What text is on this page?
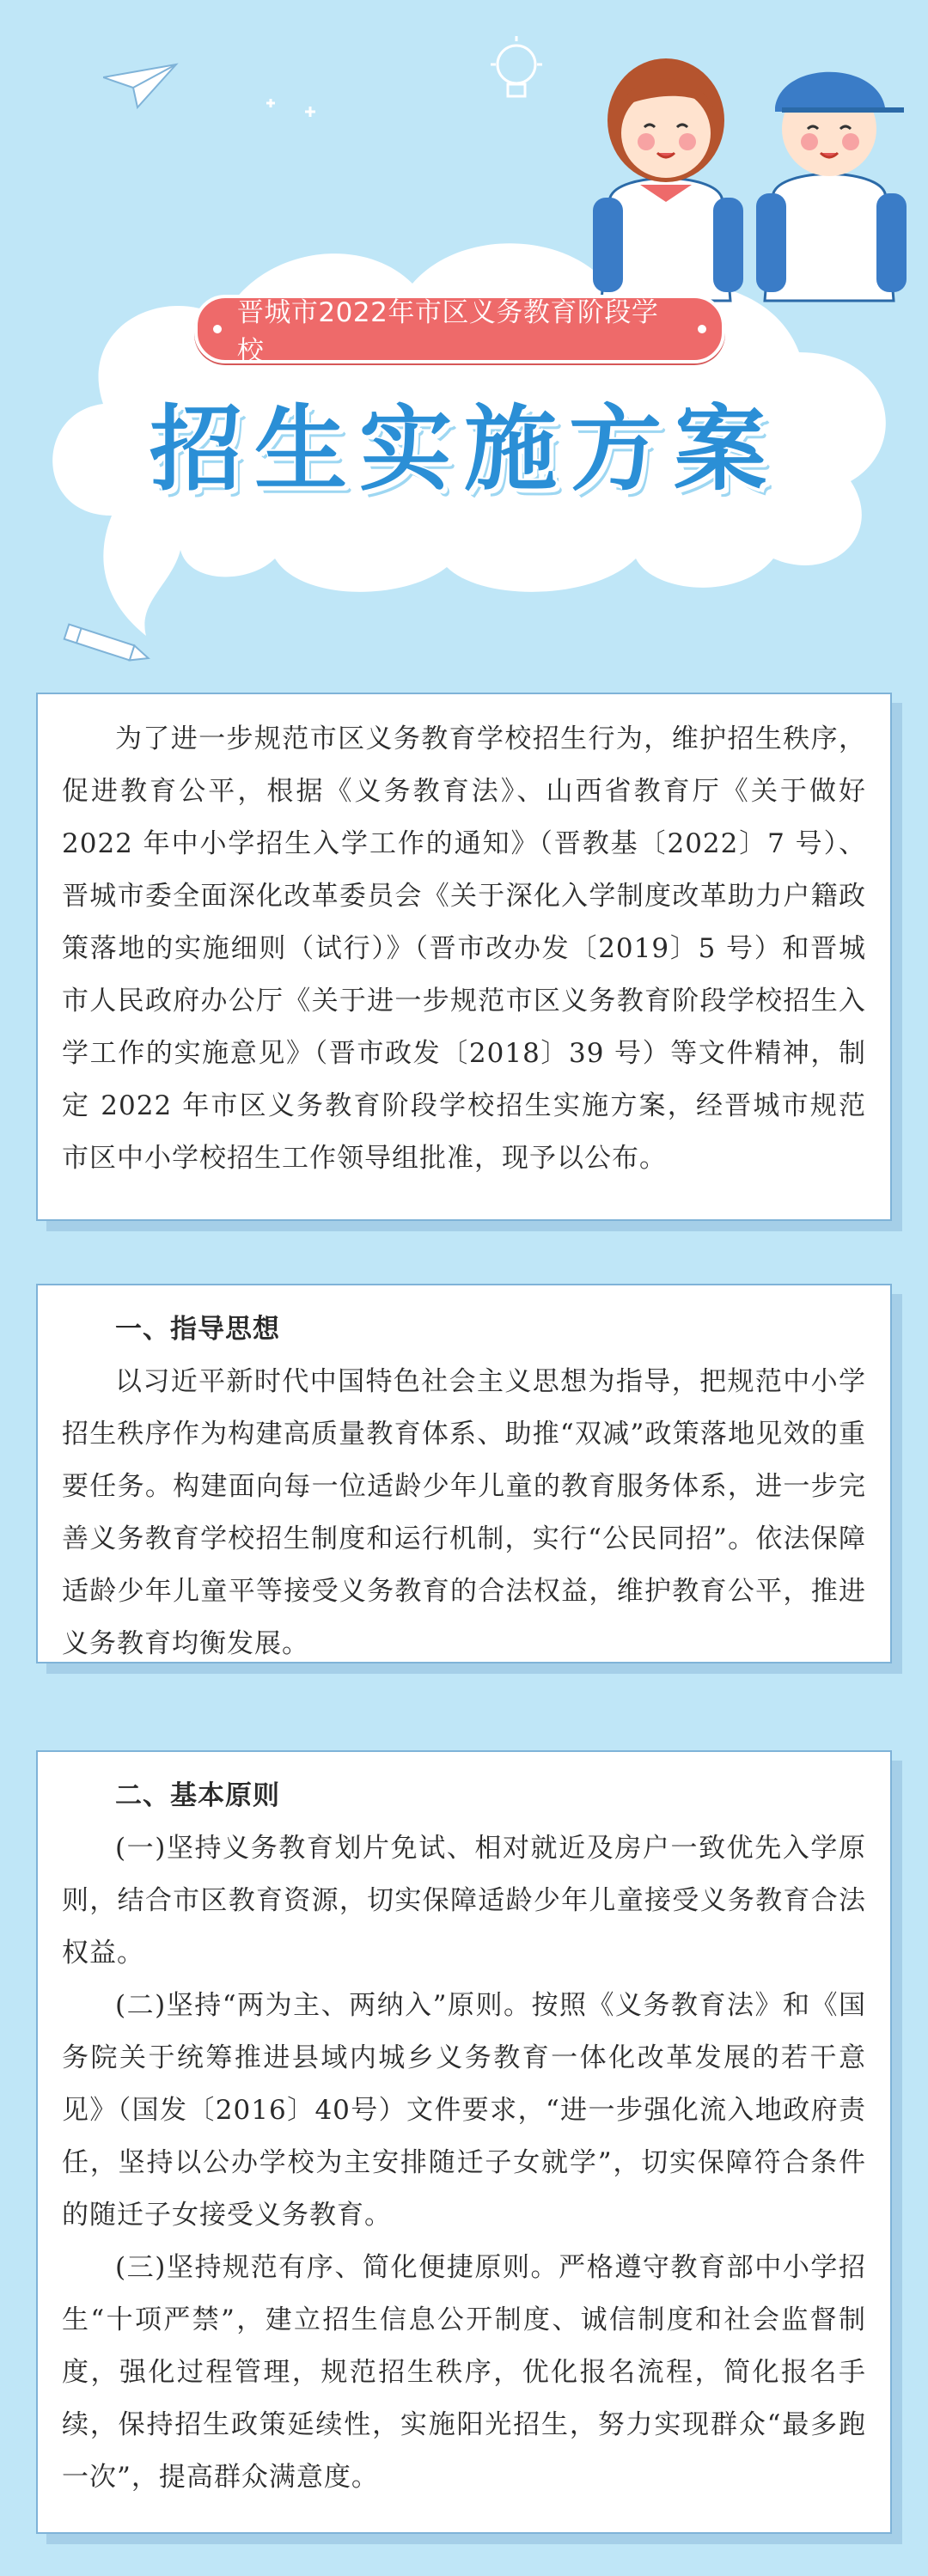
晋城市2022年市区义务教育阶段学校
招生实施方案

为了进一步规范市区义务教育学校招生行为，维护招生秩序，促进教育公平，根据《义务教育法》、山西省教育厅《关于做好 2022 年中小学招生入学工作的通知》（晋教基〔2022〕7 号）、晋城市委全面深化改革委员会《关于深化入学制度改革助力户籍政策落地的实施细则（试行）》（晋市改办发〔2019〕5 号）和晋城市人民政府办公厅《关于进一步规范市区义务教育阶段学校招生入学工作的实施意见》（晋市政发〔2018〕39 号）等文件精神，制定 2022 年市区义务教育阶段学校招生实施方案，经晋城市规范市区中小学校招生工作领导组批准，现予以公布。

一、指导思想

以习近平新时代中国特色社会主义思想为指导，把规范中小学招生秩序作为构建高质量教育体系、助推“双减”政策落地见效的重要任务。构建面向每一位适龄少年儿童的教育服务体系，进一步完善义务教育学校招生制度和运行机制，实行“公民同招”。依法保障适龄少年儿童平等接受义务教育的合法权益，维护教育公平，推进义务教育均衡发展。

二、基本原则

(一)坚持义务教育划片免试、相对就近及房户一致优先入学原则，结合市区教育资源，切实保障适龄少年儿童接受义务教育合法权益。

(二)坚持“两为主、两纳入”原则。按照《义务教育法》和《国务院关于统筹推进县域内城乡义务教育一体化改革发展的若干意见》（国发〔2016〕40号）文件要求，“进一步强化流入地政府责任，坚持以公办学校为主安排随迁子女就学”，切实保障符合条件的随迁子女接受义务教育。

(三)坚持规范有序、简化便捷原则。严格遵守教育部中小学招生“十项严禁”，建立招生信息公开制度、诚信制度和社会监督制度，强化过程管理，规范招生秩序，优化报名流程，简化报名手续，保持招生政策延续性，实施阳光招生，努力实现群众“最多跑一次”，提高群众满意度。
